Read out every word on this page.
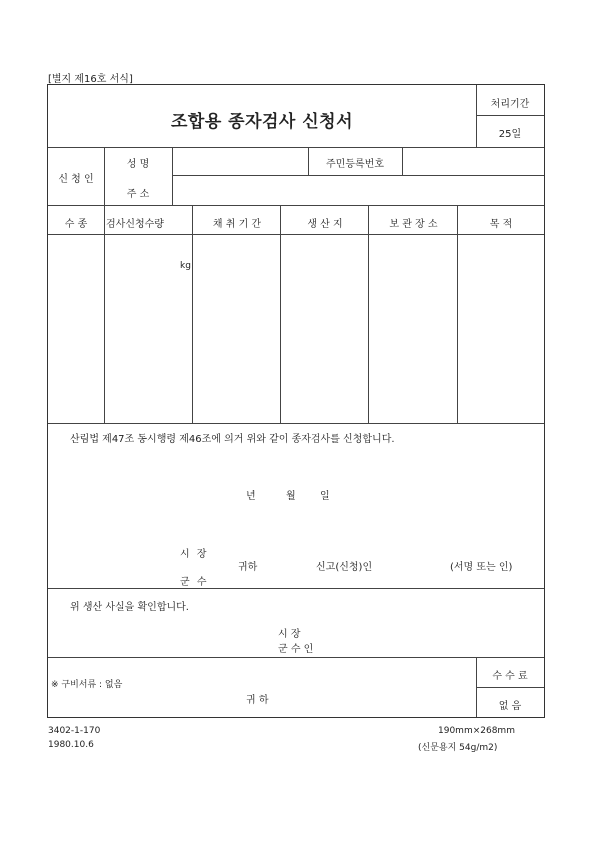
[별지 제16호 서식]
조합용 종자검사 신청서
처리기간
25일
신 청 인
성 명	주민등록번호
주 소
수 종	검사신청수량	채 취 기 간	생 산 지	보 관 장 소	목 적
kg
산림법 제47조 동시행령 제46조에 의거 위와 같이 종자검사를 신청합니다.
년	월 일
시 장
군 수
귀하	신고(신청)인	(서명 또는 인)
위 생산 사실을 확인합니다.
시 장
군 수 인
※ 구비서류 : 없음
귀 하
수 수 료
없 음
3402-1-170
1980.10.6
190mm×268mm
(신문용지 54g/m2)
